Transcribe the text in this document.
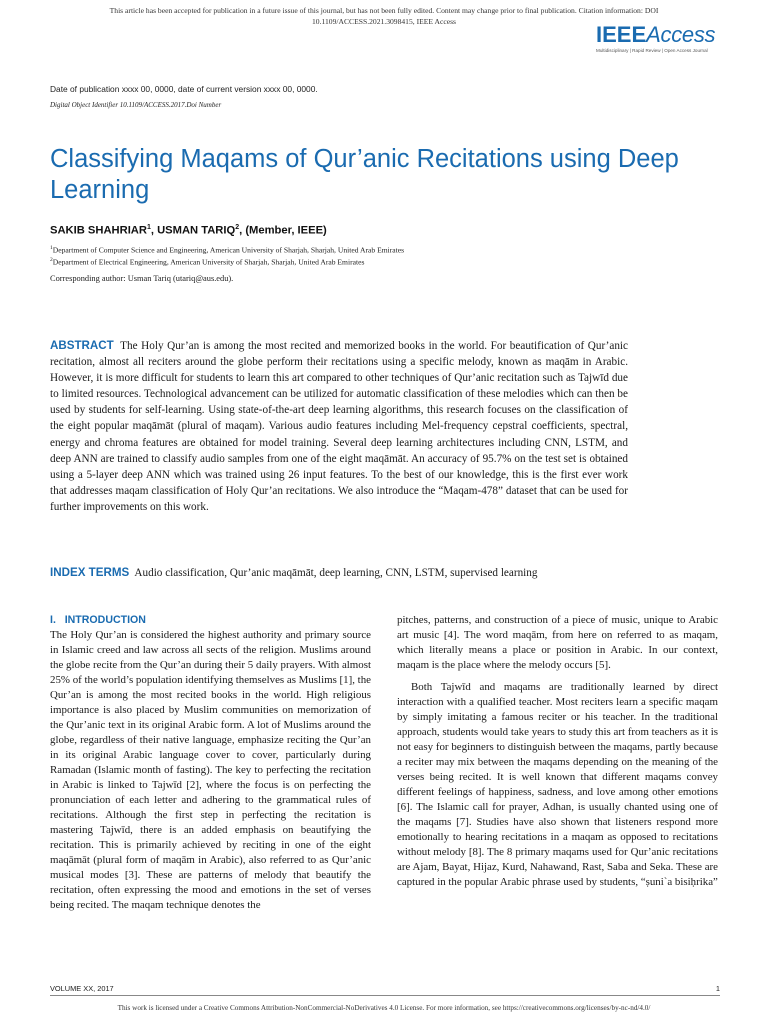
This article has been accepted for publication in a future issue of this journal, but has not been fully edited. Content may change prior to final publication. Citation information: DOI
10.1109/ACCESS.2021.3098415, IEEE Access
IEEEAccess
Multidisciplinary | Rapid Review | Open Access Journal
Date of publication xxxx 00, 0000, date of current version xxxx 00, 0000.
Digital Object Identifier 10.1109/ACCESS.2017.Doi Number
Classifying Maqams of Qur’anic Recitations using Deep Learning
SAKIB SHAHRIAR$^1$, USMAN TARIQ$^2$, (Member, IEEE)
$^1$Department of Computer Science and Engineering, American University of Sharjah, Sharjah, United Arab Emirates
$^2$Department of Electrical Engineering, American University of Sharjah, Sharjah, United Arab Emirates
Corresponding author: Usman Tariq (utariq@aus.edu).
ABSTRACT The Holy Qur’an is among the most recited and memorized books in the world. For beautification of Qur’anic recitation, almost all reciters around the globe perform their recitations using a specific melody, known as maqām in Arabic. However, it is more difficult for students to learn this art compared to other techniques of Qur’anic recitation such as Tajwīd due to limited resources. Technological advancement can be utilized for automatic classification of these melodies which can then be used by students for self-learning. Using state-of-the-art deep learning algorithms, this research focuses on the classification of the eight popular maqāmāt (plural of maqam). Various audio features including Mel-frequency cepstral coefficients, spectral, energy and chroma features are obtained for model training. Several deep learning architectures including CNN, LSTM, and deep ANN are trained to classify audio samples from one of the eight maqāmāt. An accuracy of 95.7% on the test set is obtained using a 5-layer deep ANN which was trained using 26 input features. To the best of our knowledge, this is the first ever work that addresses maqam classification of Holy Qur’an recitations. We also introduce the “Maqam-478” dataset that can be used for further improvements on this work.
INDEX TERMS Audio classification, Qur’anic maqāmāt, deep learning, CNN, LSTM, supervised learning
I.   INTRODUCTION

The Holy Qur’an is considered the highest authority and primary source in Islamic creed and law across all sects of the religion. Muslims around the globe recite from the Qur’an during their 5 daily prayers. With almost 25% of the world’s population identifying themselves as Muslims [1], the Qur’an is among the most recited books in the world. High religious importance is also placed by Muslim communities on memorization of the Qur’anic text in its original Arabic form. A lot of Muslims around the globe, regardless of their native language, emphasize reciting the Qur’an in its original Arabic language cover to cover, particularly during Ramadan (Islamic month of fasting). The key to perfecting the recitation in Arabic is linked to Tajwīd [2], where the focus is on perfecting the pronunciation of each letter and adhering to the grammatical rules of recitations. Although the first step in perfecting the recitation is mastering Tajwīd, there is an added emphasis on beautifying the recitation. This is primarily achieved by reciting in one of the eight maqāmāt (plural form of maqām in Arabic), also referred to as Qur’anic musical modes [3]. These are patterns of melody that beautify the recitation, often expressing the mood and emotions in the set of verses being recited. The maqam technique denotes the

pitches, patterns, and construction of a piece of music, unique to Arabic art music [4]. The word maqām, from here on referred to as maqam, which literally means a place or position in Arabic. In our context, maqam is the place where the melody occurs [5].

Both Tajwīd and maqams are traditionally learned by direct interaction with a qualified teacher. Most reciters learn a specific maqam by simply imitating a famous reciter or his teacher. In the traditional approach, students would take years to study this art from teachers as it is not easy for beginners to distinguish between the maqams, partly because a reciter may mix between the maqams depending on the meaning of the verses being recited. It is well known that different maqams convey different feelings of happiness, sadness, and love among other emotions [6]. The Islamic call for prayer, Adhan, is usually chanted using one of the maqams [7]. Studies have also shown that listeners respond more emotionally to hearing recitations in a maqam as opposed to recitations without melody [8]. The 8 primary maqams used for Qur’anic recitations are Ajam, Bayat, Hijaz, Kurd, Nahawand, Rast, Saba and Seka. These are captured in the popular Arabic phrase used by students, “ṣuni`a bisiḥrika”

VOLUME XX, 2017	1
This work is licensed under a Creative Commons Attribution-NonCommercial-NoDerivatives 4.0 License. For more information, see https://creativecommons.org/licenses/by-nc-nd/4.0/
